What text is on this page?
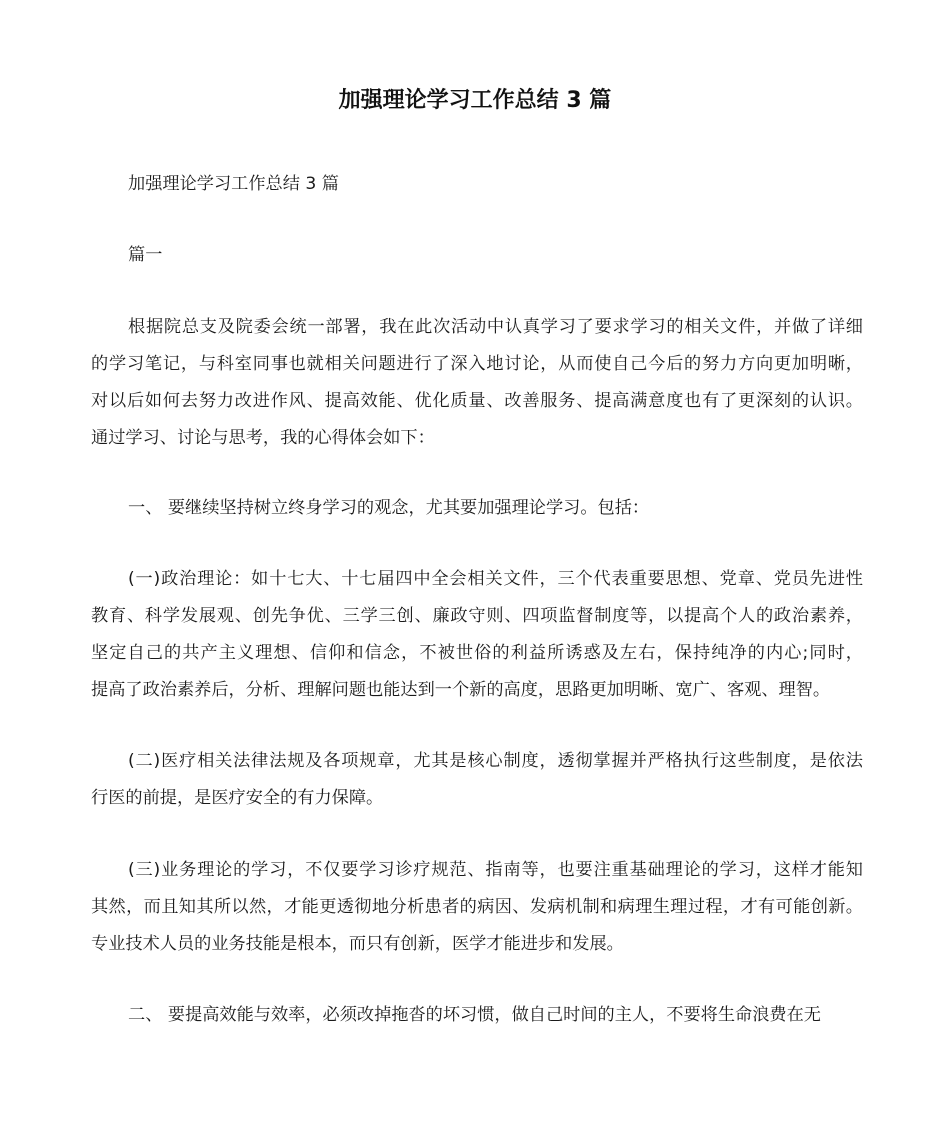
加强理论学习工作总结 3 篇

加强理论学习工作总结 3 篇

篇一

根据院总支及院委会统一部署，我在此次活动中认真学习了要求学习的相关文件，并做了详细
的学习笔记，与科室同事也就相关问题进行了深入地讨论，从而使自己今后的努力方向更加明晰，
对以后如何去努力改进作风、提高效能、优化质量、改善服务、提高满意度也有了更深刻的认识。
通过学习、讨论与思考，我的心得体会如下：

一、 要继续坚持树立终身学习的观念，尤其要加强理论学习。包括：

(一)政治理论：如十七大、十七届四中全会相关文件，三个代表重要思想、党章、党员先进性
教育、科学发展观、创先争优、三学三创、廉政守则、四项监督制度等，以提高个人的政治素养，
坚定自己的共产主义理想、信仰和信念，不被世俗的利益所诱惑及左右，保持纯净的内心;同时，
提高了政治素养后，分析、理解问题也能达到一个新的高度，思路更加明晰、宽广、客观、理智。

(二)医疗相关法律法规及各项规章，尤其是核心制度，透彻掌握并严格执行这些制度，是依法
行医的前提，是医疗安全的有力保障。

(三)业务理论的学习，不仅要学习诊疗规范、指南等，也要注重基础理论的学习，这样才能知
其然，而且知其所以然，才能更透彻地分析患者的病因、发病机制和病理生理过程，才有可能创新。
专业技术人员的业务技能是根本，而只有创新，医学才能进步和发展。

二、 要提高效能与效率，必须改掉拖沓的坏习惯，做自己时间的主人，不要将生命浪费在无
